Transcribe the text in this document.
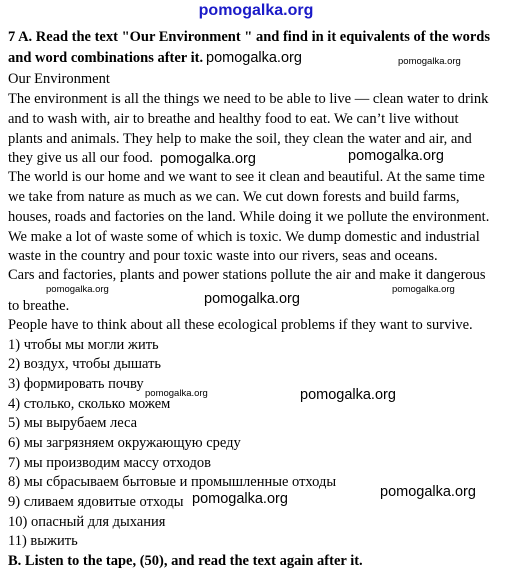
pomogalka.org
7 A. Read the text "Our Environment " and find in it equivalents of the words
and word combinations after it.
Our Environment
The environment is all the things we need to be able to live — clean water to drink
and to wash with, air to breathe and healthy food to eat. We can’t live without
plants and animals. They help to make the soil, they clean the water and air, and
they give us all our food.
The world is our home and we want to see it clean and beautiful. At the same time
we take from nature as much as we can. We cut down forests and build farms,
houses, roads and factories on the land. While doing it we pollute the environment.
We make a lot of waste some of which is toxic. We dump domestic and industrial
waste in the country and pour toxic waste into our rivers, seas and oceans.
Cars and factories, plants and power stations pollute the air and make it dangerous
to breathe.
People have to think about all these ecological problems if they want to survive.
1) чтобы мы могли жить
2) воздух, чтобы дышать
3) формировать почву
4) столько, сколько можем
5) мы вырубаем леса
6) мы загрязняем окружающую среду
7) мы производим массу отходов
8) мы сбрасываем бытовые и промышленные отходы
9) сливаем ядовитые отходы
10) опасный для дыхания
11) выжить
B. Listen to the tape, (50), and read the text again after it.
pomogalka.org	pomogalka.org
pomogalka.org	pomogalka.org
pomogalka.org	pomogalka.org
pomogalka.org
pomogalka.org	pomogalka.org
pomogalka.org
pomogalka.org
